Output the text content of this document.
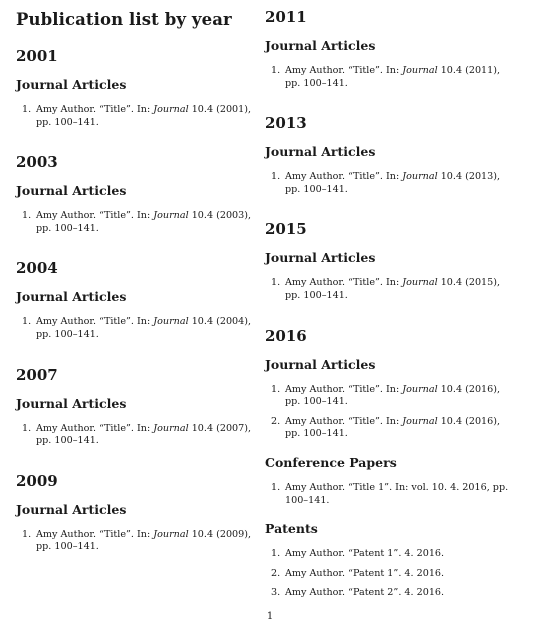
Publication list by year
2001
Journal Articles
1. Amy Author. “Title”. In: Journal 10.4 (2001), pp. 100–141.
2003
Journal Articles
1. Amy Author. “Title”. In: Journal 10.4 (2003), pp. 100–141.
2004
Journal Articles
1. Amy Author. “Title”. In: Journal 10.4 (2004), pp. 100–141.
2007
Journal Articles
1. Amy Author. “Title”. In: Journal 10.4 (2007), pp. 100–141.
2009
Journal Articles
1. Amy Author. “Title”. In: Journal 10.4 (2009), pp. 100–141.
2011
Journal Articles
1. Amy Author. “Title”. In: Journal 10.4 (2011), pp. 100–141.
2013
Journal Articles
1. Amy Author. “Title”. In: Journal 10.4 (2013), pp. 100–141.
2015
Journal Articles
1. Amy Author. “Title”. In: Journal 10.4 (2015), pp. 100–141.
2016
Journal Articles
1. Amy Author. “Title”. In: Journal 10.4 (2016), pp. 100–141.
2. Amy Author. “Title”. In: Journal 10.4 (2016), pp. 100–141.
Conference Papers
1. Amy Author. “Title 1”. In: vol. 10. 4. 2016, pp. 100–141.
Patents
1. Amy Author. “Patent 1”. 4. 2016.
2. Amy Author. “Patent 1”. 4. 2016.
3. Amy Author. “Patent 2”. 4. 2016.
1
